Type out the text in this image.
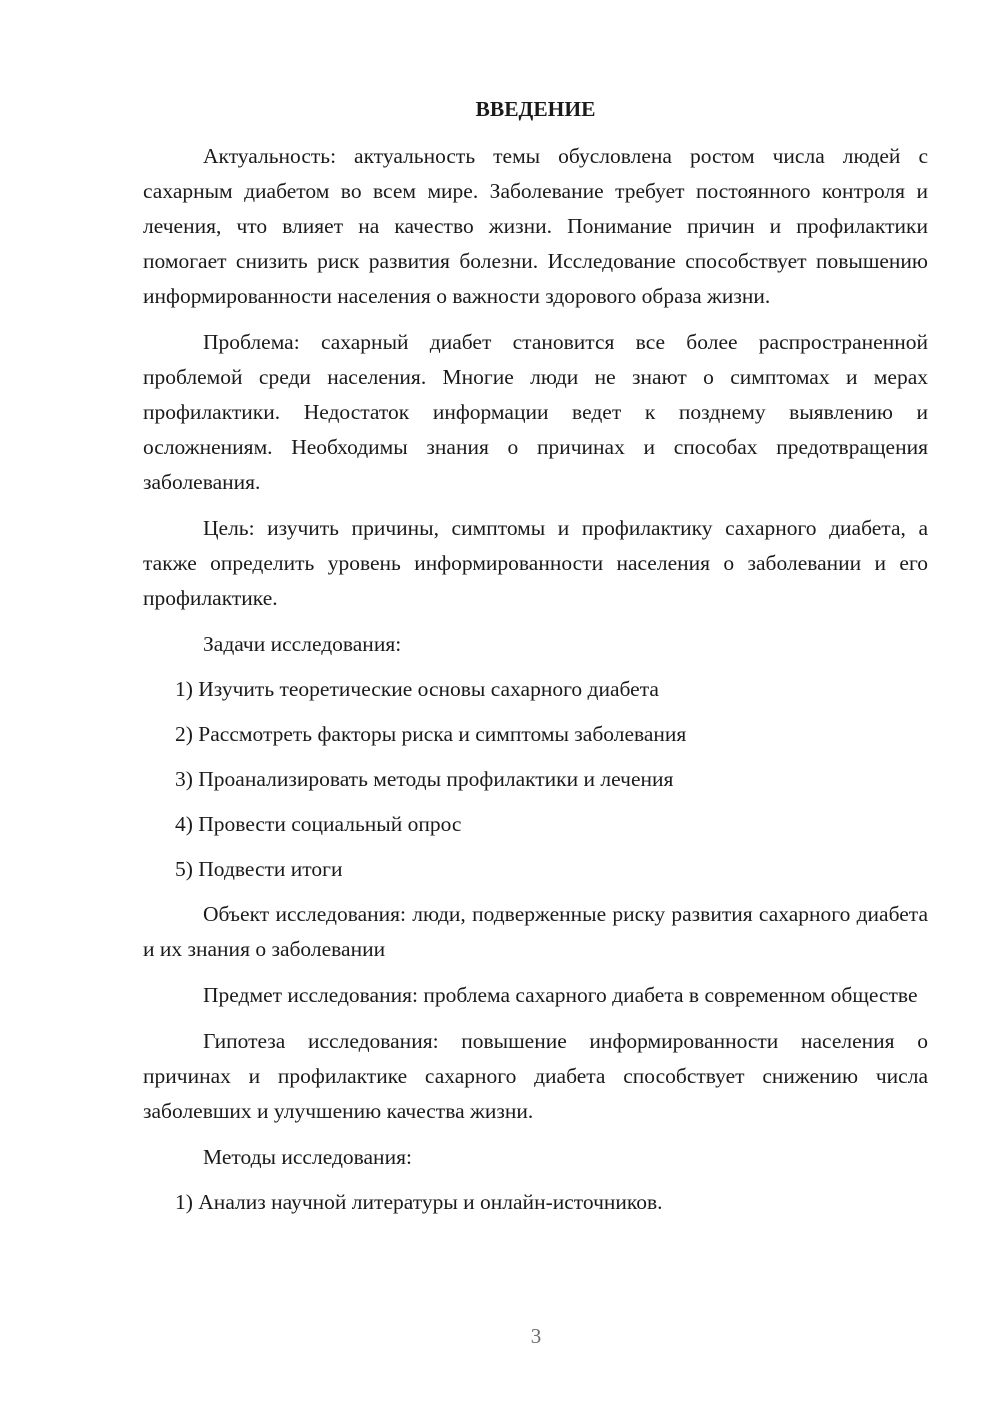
ВВЕДЕНИЕ

Актуальность: актуальность темы обусловлена ростом числа людей с сахарным диабетом во всем мире. Заболевание требует постоянного контроля и лечения, что влияет на качество жизни. Понимание причин и профилактики помогает снизить риск развития болезни. Исследование способствует повышению информированности населения о важности здорового образа жизни.

Проблема: сахарный диабет становится все более распространенной проблемой среди населения. Многие люди не знают о симптомах и мерах профилактики. Недостаток информации ведет к позднему выявлению и осложнениям. Необходимы знания о причинах и способах предотвращения заболевания.

Цель: изучить причины, симптомы и профилактику сахарного диабета, а также определить уровень информированности населения о заболевании и его профилактике.

Задачи исследования:
1) Изучить теоретические основы сахарного диабета
2) Рассмотреть факторы риска и симптомы заболевания
3) Проанализировать методы профилактики и лечения
4) Провести социальный опрос
5) Подвести итоги

Объект исследования: люди, подверженные риску развития сахарного диабета и их знания о заболевании

Предмет исследования: проблема сахарного диабета в современном обществе

Гипотеза исследования: повышение информированности населения о причинах и профилактике сахарного диабета способствует снижению числа заболевших и улучшению качества жизни.

Методы исследования:
1) Анализ научной литературы и онлайн-источников.
3
